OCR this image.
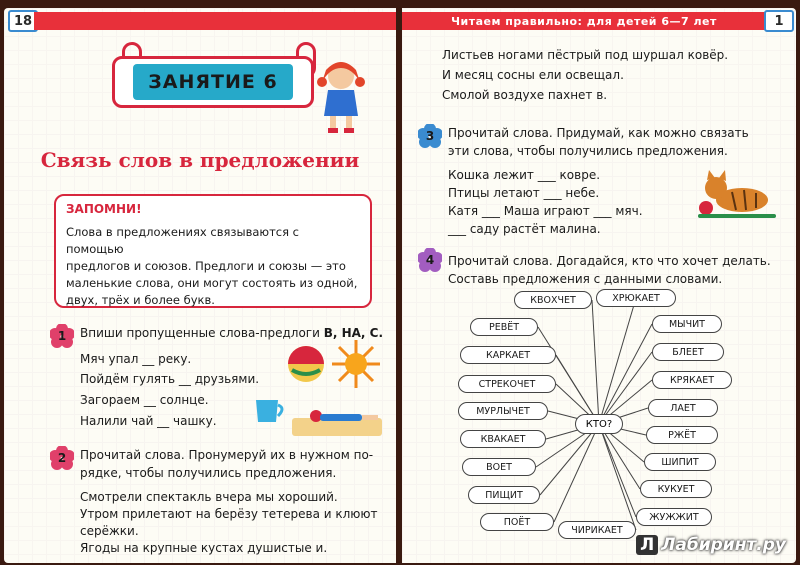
18
ЗАНЯТИЕ 6
Связь слов в предложении
ЗАПОМНИ!
Слова в предложениях связываются с помощью
предлогов и союзов. Предлоги и союзы — это
маленькие слова, они могут состоять из одной,
двух, трёх и более букв.
1	Впиши пропущенные слова-предлоги В, НА, С.
Мяч упал __ реку.
Пойдём гулять __ друзьями.
Загораем __ солнце.
Налили чай __ чашку.
2	Прочитай слова. Пронумеруй их в нужном по-
рядке, чтобы получились предложения.
Смотрели спектакль вчера мы хороший.
Утром прилетают на берёзу тетерева и клюют
серёжки.
Ягоды на крупные кустах душистые и.
Читаем правильно: для детей 6—7 лет	1
Листьев ногами пёстрый под шуршал ковёр.
И месяц сосны ели освещал.
Смолой воздухе пахнет в.
3	Прочитай слова. Придумай, как можно связать
эти слова, чтобы получились предложения.
Кошка лежит ___ ковре.
Птицы летают ___ небе.
Катя ___ Маша играют ___ мяч.
___ саду растёт малина.
4	Прочитай слова. Догадайся, кто что хочет делать.
Составь предложения с данными словами.
КТО?
КВОХЧЕТ
РЕВЁТ
КАРКАЕТ
СТРЕКОЧЕТ
МУРЛЫЧЕТ
КВАКАЕТ
ВОЕТ
ПИЩИТ
ПОЁТ
ХРЮКАЕТ
МЫЧИТ
БЛЕЕТ
КРЯКАЕТ
ЛАЕТ
РЖЁТ
ШИПИТ
КУКУЕТ
ЖУЖЖИТ
ЧИРИКАЕТ
Л Лабиринт.ру
